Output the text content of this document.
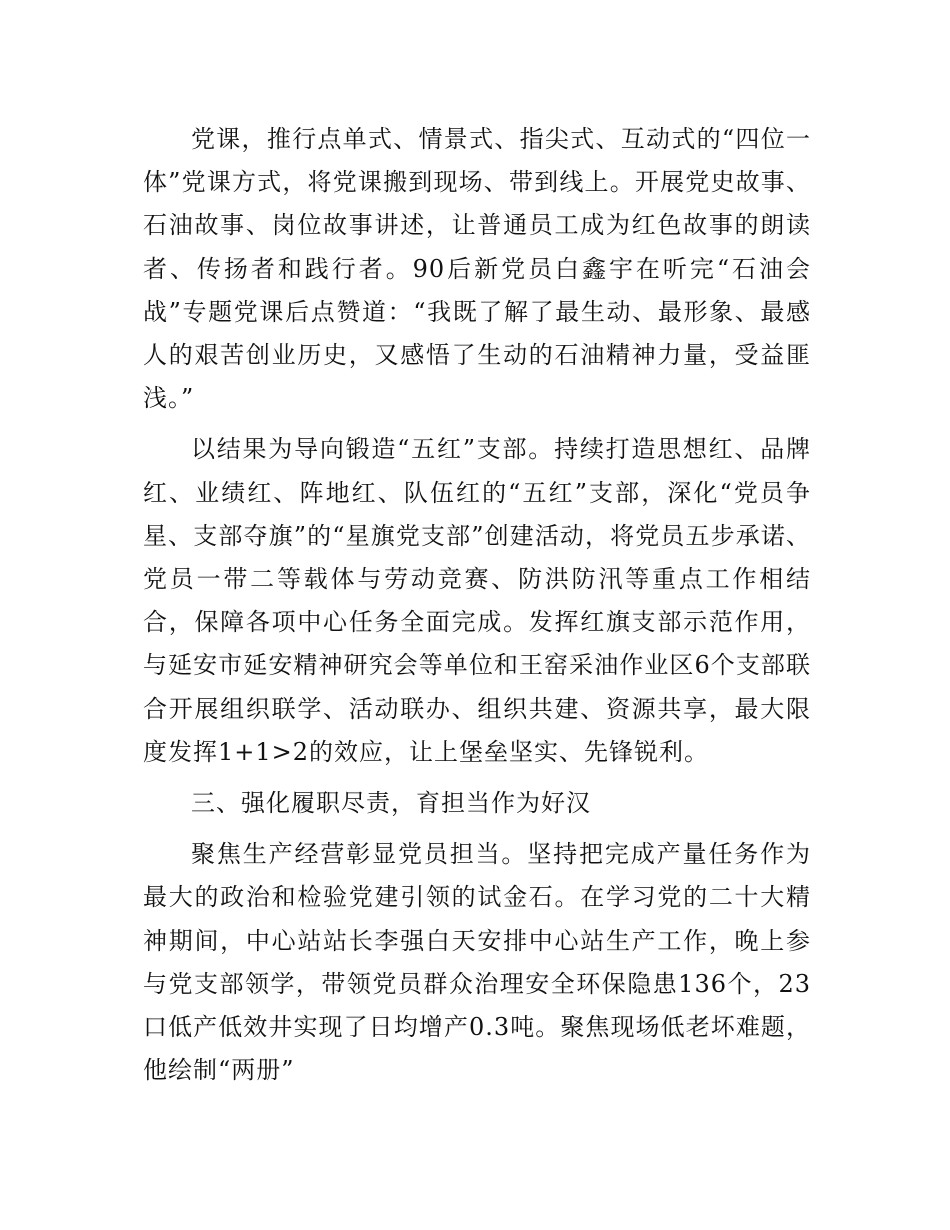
党课，推行点单式、情景式、指尖式、互动式的“四位一体”党课方式，将党课搬到现场、带到线上。开展党史故事、石油故事、岗位故事讲述，让普通员工成为红色故事的朗读者、传扬者和践行者。90后新党员白鑫宇在听完“石油会战”专题党课后点赞道：“我既了解了最生动、最形象、最感人的艰苦创业历史，又感悟了生动的石油精神力量，受益匪浅。”

以结果为导向锻造“五红”支部。持续打造思想红、品牌红、业绩红、阵地红、队伍红的“五红”支部，深化“党员争星、支部夺旗”的“星旗党支部”创建活动，将党员五步承诺、党员一带二等载体与劳动竞赛、防洪防汛等重点工作相结合，保障各项中心任务全面完成。发挥红旗支部示范作用，与延安市延安精神研究会等单位和王窑采油作业区6个支部联合开展组织联学、活动联办、组织共建、资源共享，最大限度发挥1+1>2的效应，让上堡垒坚实、先锋锐利。

三、强化履职尽责，育担当作为好汉

聚焦生产经营彰显党员担当。坚持把完成产量任务作为最大的政治和检验党建引领的试金石。在学习党的二十大精神期间，中心站站长李强白天安排中心站生产工作，晚上参与党支部领学，带领党员群众治理安全环保隐患136个，23口低产低效井实现了日均增产0.3吨。聚焦现场低老坏难题，他绘制“两册”
